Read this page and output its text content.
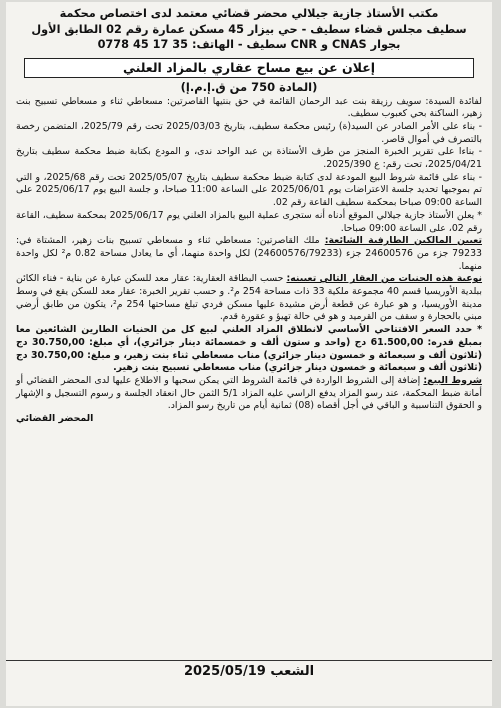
مكتب الأستاذ جازية جيلالي محضر قضائي معتمد لدى اختصاص محكمة
سطيف مجلس قضاء سطيف - حي بيزار 45 مسكن عمارة رقم 02 الطابق الأول
بجوار CNAS و CNR سطيف - الهاتف: 35 17 45 0778
إعلان عن بيع مساح عقاري بالمزاد العلني
(المادة 750 من ق.إ.م.إ)

لفائدة السيدة: سويف رزيقة بنت عبد الرحمان القائمة في حق بنتيها القاصرتين: مسعاطي ثناء و مسعاطي تسبيح بنت زهير، الساكنة بحي كعبوب سطيف.

- بناء على الأمر الصادر عن السيد(ة) رئيس محكمة سطيف، بتاريخ 2025/03/03 تحت رقم 2025/79، المتضمن رخصة بالتصرف في أموال قاصر.

- بناءا على تقرير الخبرة المنجز من طرف الأستاذة بن عبد الواحد ندى، و المودع بكتابة ضبط محكمة سطيف بتاريخ 2025/04/21، تحت رقم: ع 2025/390.

- بناء على قائمة شروط البيع المودعة لدى كتابة ضبط محكمة سطيف بتاريخ 2025/05/07 تحت رقم 2025/68، و التي تم بموجبها تحديد جلسة الاعتراضات يوم 2025/06/01 على الساعة 11:00 صباحا، و جلسة البيع يوم 2025/06/17 على الساعة 09:00 صباحا بمحكمة سطيف القاعة رقم 02.

* يعلن الأستاذ جازية جيلالي الموقع أدناه أنه ستجرى عملية البيع بالمزاد العلني يوم 2025/06/17 بمحكمة سطيف، القاعة رقم 02، على الساعة 09:00 صباحا.

تعيين المالكين الطارفية الشائعة: ملك القاصرتين: مسعاطي ثناء و مسعاطي تسبيح بنات زهير، المشتاة في: 79233 جزء من 24600576 جزء (24600576/79233) لكل واحدة منهما، أي ما يعادل مساحة 0.82 م² لكل واحدة منهما.

نوعية هذه الحنيات من العقار التالي تعيينه: حسب البطاقة العقارية: عقار معد للسكن عبارة عن بناية - فناء الكائن ببلدية الأوريسيا قسم 40 مجموعة ملكية 33 ذات مساحة 254 م². و حسب تقرير الخبرة: عقار معد للسكن يقع في وسط مدينة الأوريسيا، و هو عبارة عن قطعة أرض مشيدة عليها مسكن فردي تبلغ مساحتها 254 م²، يتكون من طابق أرضي مبني بالحجارة و سقف من القرميد و هو في حالة تهيؤ و عقورة قدم.

* حدد السعر الافتتاحي الأساسي لانطلاق المزاد العلني لبيع كل من الحنيات الطارين الشائعين معا بمبلغ قدره: 61.500,00 دج (واحد و ستون ألف و خمسمائة دينار جزائري)، أي مبلغ: 30.750,00 دج (ثلاثون ألف و سبعمائة و خمسون دينار جزائري) مناب مسعاطي ثناء بنت زهير، و مبلغ: 30.750,00 دج (ثلاثون ألف و سبعمائة و خمسون دينار جزائري) مناب مسعاطي تسبيح بنت زهير.

شروط البيع: إضافة إلى الشروط الواردة في قائمة الشروط التي يمكن سحبها و الاطلاع عليها لدى المحضر القضائي أو أمانة ضبط المحكمة، عند رسو المزاد يدفع الراسي عليه المزاد 5/1 الثمن حال انعقاد الجلسة و رسوم التسجيل و الإشهار و الحقوق التناسبية و الباقي في أجل أقصاه (08) ثمانية أيام من تاريخ رسو المزاد.

المحضر القضائي
الشعب 2025/05/19
